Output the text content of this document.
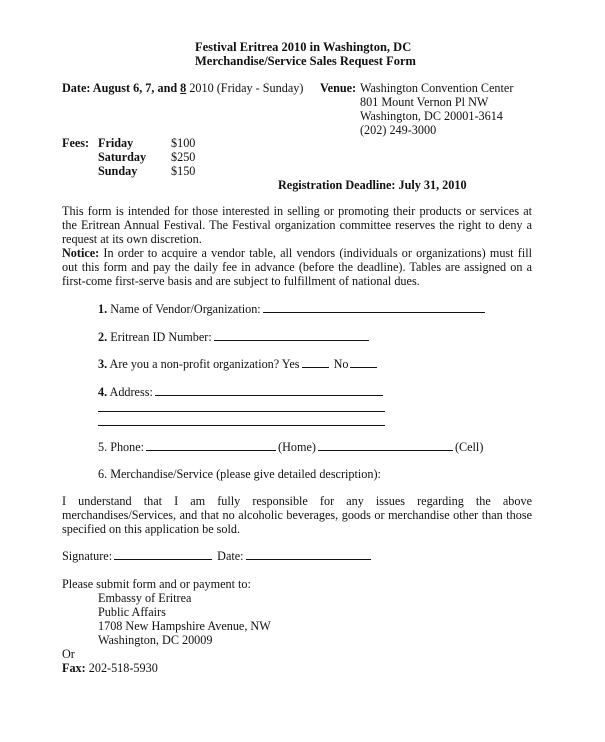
Festival Eritrea 2010 in Washington, DC
Merchandise/Service Sales Request Form
Date: August 6, 7, and 8 2010 (Friday - Sunday) Venue: Washington Convention Center
801 Mount Vernon Pl NW
Washington, DC 20001-3614
(202) 249-3000
Fees: Friday	$100
Saturday $250
Sunday	$150
Registration Deadline: July 31, 2010
This form is intended for those interested in selling or promoting their products or services at the Eritrean Annual Festival. The Festival organization committee reserves the right to deny a request at its own discretion.
Notice: In order to acquire a vendor table, all vendors (individuals or organizations) must fill out this form and pay the daily fee in advance (before the deadline). Tables are assigned on a first-come first-serve basis and are subject to fulfillment of national dues.
1. Name of Vendor/Organization:
2. Eritrean ID Number:
3. Are you a non-profit organization? Yes	No
4. Address:
5. Phone:	(Home)	(Cell)
6. Merchandise/Service (please give detailed description):
I understand that I am fully responsible for any issues regarding the above merchandises/Services, and that no alcoholic beverages, goods or merchandise other than those specified on this application be sold.
Signature:	Date:
Please submit form and or payment to:
Embassy of Eritrea
Public Affairs
1708 New Hampshire Avenue, NW
Washington, DC 20009
Or
Fax: 202-518-5930
